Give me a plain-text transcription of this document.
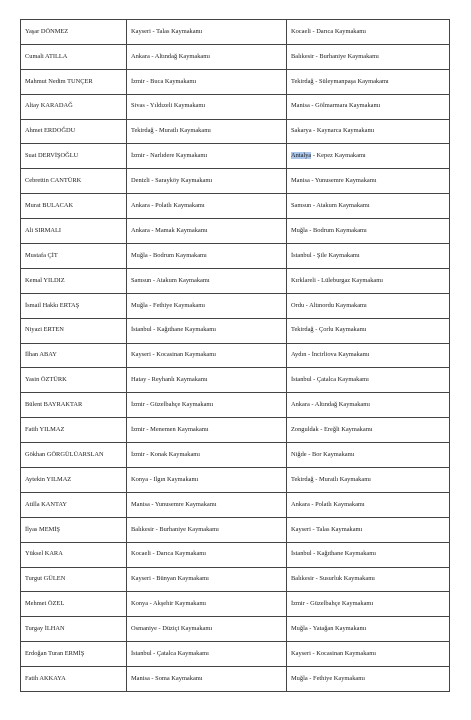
Yaşar DÖNMEZ	Kayseri - Talas Kaymakamı	Kocaeli - Darıca Kaymakamı
Cumali ATILLA	Ankara - Altındağ Kaymakamı	Balıkesir - Burhaniye Kaymakamı
Mahmut Nedim TUNÇER	İzmir - Buca Kaymakamı	Tekirdağ - Süleymanpaşa Kaymakamı
Altay KARADAĞ	Sivas - Yıldızeli Kaymakamı	Manisa - Gölmarmara Kaymakamı
Ahmet ERDOĞDU	Tekirdağ - Muratlı Kaymakamı	Sakarya - Kaynarca Kaymakamı
Suat DERVİŞOĞLU	İzmir - Narlıdere Kaymakamı	Antalya - Kepez Kaymakamı
Cebrettin CANTÜRK	Denizli - Sarayköy Kaymakamı	Manisa - Yunusemre Kaymakamı
Murat BULACAK	Ankara - Polatlı Kaymakamı	Samsun - Atakum Kaymakamı
Ali SIRMALI	Ankara - Mamak Kaymakamı	Muğla - Bodrum Kaymakamı
Mustafa ÇİT	Muğla - Bodrum Kaymakamı	İstanbul - Şile Kaymakamı
Kemal YILDIZ	Samsun - Atakum Kaymakamı	Kırklareli - Lüleburgaz Kaymakamı
İsmail Hakkı ERTAŞ	Muğla - Fethiye Kaymakamı	Ordu - Altınordu Kaymakamı
Niyazi ERTEN	İstanbul - Kağıthane Kaymakamı	Tekirdağ - Çorlu Kaymakamı
İlhan ABAY	Kayseri - Kocasinan Kaymakamı	Aydın - İncirliova Kaymakamı
Yasin ÖZTÜRK	Hatay - Reyhanlı Kaymakamı	İstanbul - Çatalca Kaymakamı
Bülent BAYRAKTAR	İzmir - Güzelbahçe Kaymakamı	Ankara - Altındağ Kaymakamı
Fatih YILMAZ	İzmir - Menemen Kaymakamı	Zonguldak - Ereğli Kaymakamı
Gökhan GÖRGÜLÜARSLAN	İzmir - Konak Kaymakamı	Niğde - Bor Kaymakamı
Aytekin YILMAZ	Konya - Ilgın Kaymakamı	Tekirdağ - Muratlı Kaymakamı
Atilla KANTAY	Manisa - Yunusemre Kaymakamı	Ankara - Polatlı Kaymakamı
İlyas MEMİŞ	Balıkesir - Burhaniye Kaymakamı	Kayseri - Talas Kaymakamı
Yüksel KARA	Kocaeli - Darıca Kaymakamı	İstanbul - Kağıthane Kaymakamı
Turgut GÜLEN	Kayseri - Bünyan Kaymakamı	Balıkesir - Susurluk Kaymakamı
Mehmet ÖZEL	Konya - Akşehir Kaymakamı	İzmir - Güzelbahçe Kaymakamı
Turgay İLHAN	Osmaniye - Düziçi Kaymakamı	Muğla - Yatağan Kaymakamı
Erdoğan Turan ERMİŞ	İstanbul - Çatalca Kaymakamı	Kayseri - Kocasinan Kaymakamı
Fatih AKKAYA	Manisa - Soma Kaymakamı	Muğla - Fethiye Kaymakamı
